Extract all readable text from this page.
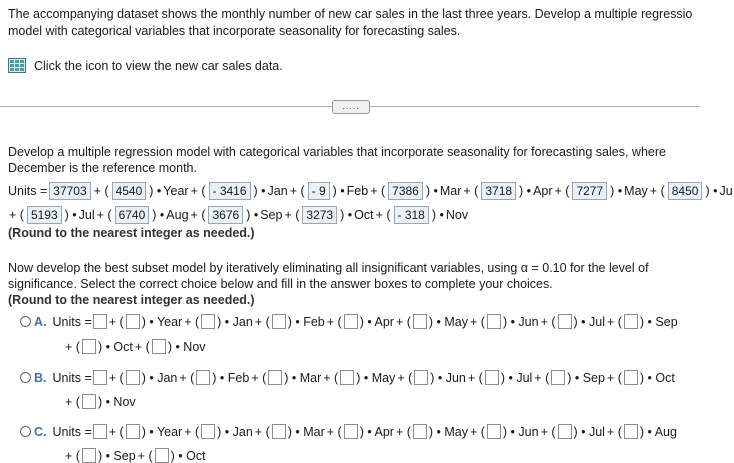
The accompanying dataset shows the monthly number of new car sales in the last three years. Develop a multiple regressio
model with categorical variables that incorporate seasonality for forecasting sales.
Click the icon to view the new car sales data.
.....
Develop a multiple regression model with categorical variables that incorporate seasonality for forecasting sales, where
December is the reference month.
Units = 37703 + ( 4540 ) • Year + ( - 3416 ) • Jan + ( - 9 ) • Feb + ( 7386 ) • Mar + ( 3718 ) • Apr + ( 7277 ) • May + ( 8450 ) • Ju
+ ( 5193 ) • Jul + ( 6740 ) • Aug + ( 3676 ) • Sep + ( 3273 ) • Oct + ( - 318 ) • Nov
(Round to the nearest integer as needed.)
Now develop the best subset model by iteratively eliminating all insignificant variables, using α = 0.10 for the level of
significance. Select the correct choice below and fill in the answer boxes to complete your choices.
(Round to the nearest integer as needed.)
A. Units = + ( ) • Year + ( ) • Jan + ( ) • Feb + ( ) • Apr + ( ) • May + ( ) • Jun + ( ) • Jul + ( ) • Sep
+ ( ) • Oct + ( ) • Nov
B. Units = + ( ) • Jan + ( ) • Feb + ( ) • Mar + ( ) • May + ( ) • Jun + ( ) • Jul + ( ) • Sep + ( ) • Oct
+ ( ) • Nov
C. Units = + ( ) • Year + ( ) • Jan + ( ) • Mar + ( ) • Apr + ( ) • May + ( ) • Jun + ( ) • Jul + ( ) • Aug
+ ( ) • Sep + ( ) • Oct
